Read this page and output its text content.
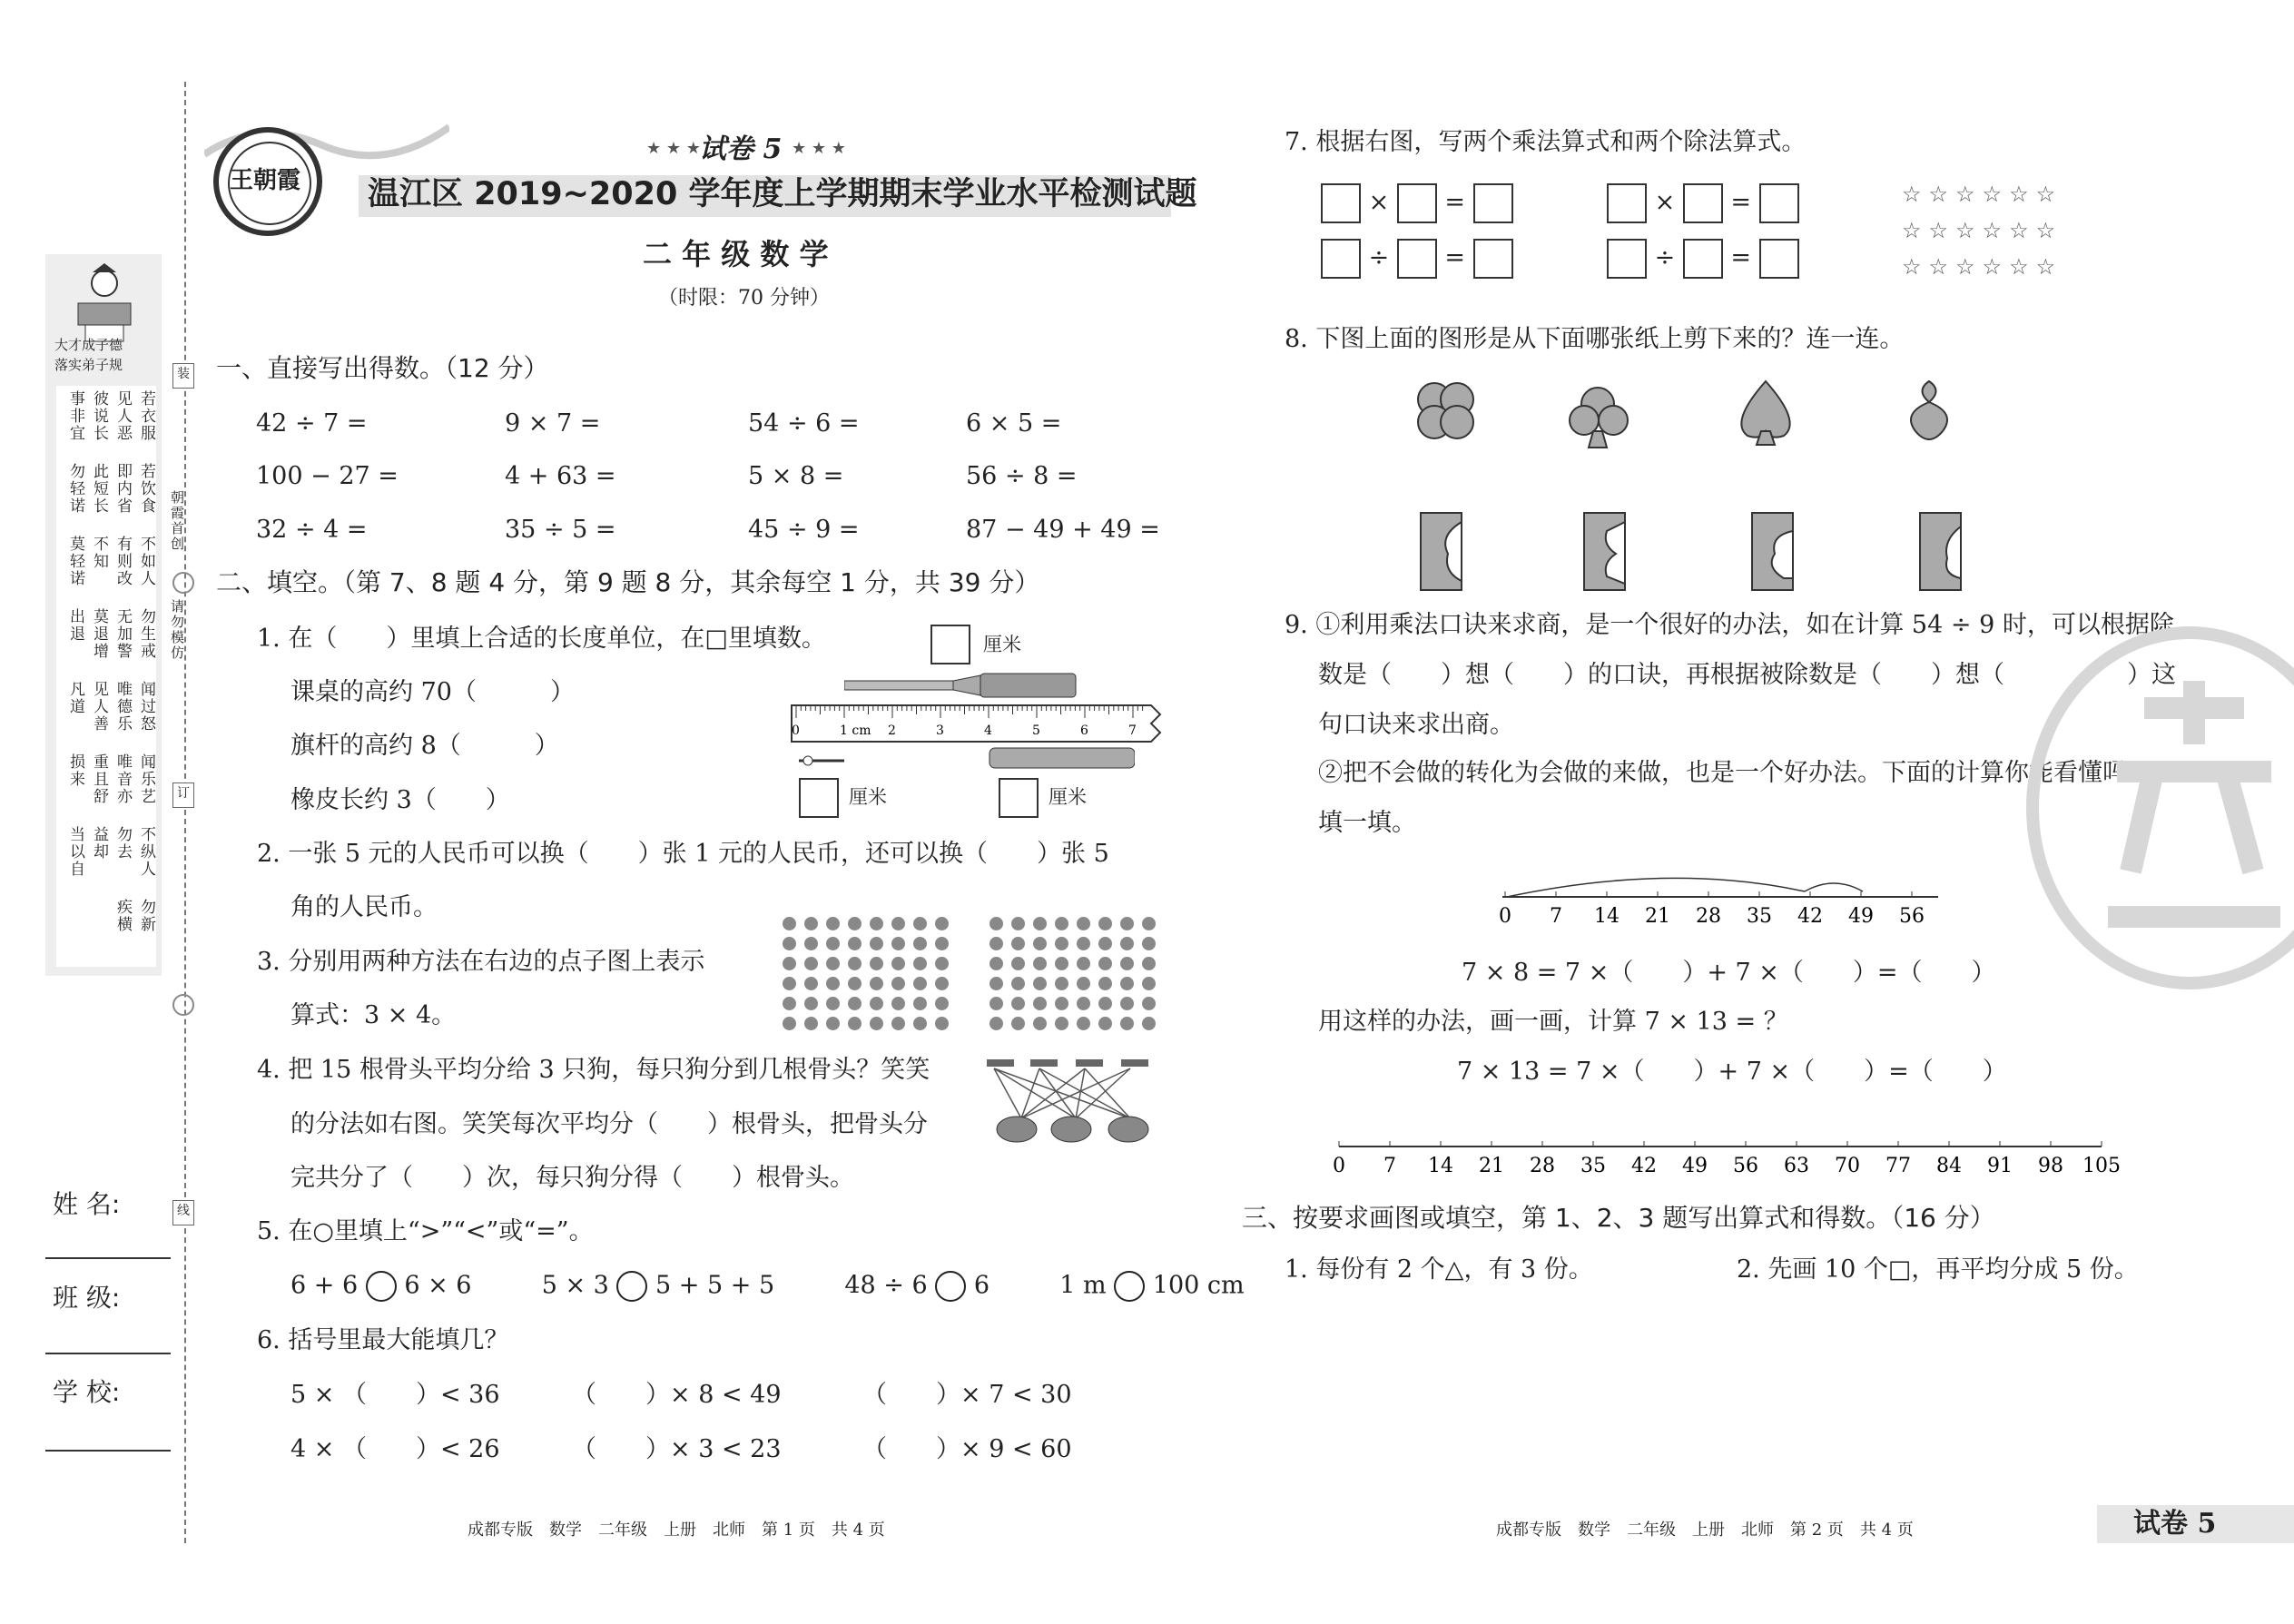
装
订
线
朝霞首创
请勿模仿
大才成子德
落实弟子规
若衣服
见人恶
彼说长
事非宜
若饮食
即内省
此短长
勿轻诺
不如人
有则改
不知
莫轻诺
勿生戒
无加警
莫退增
出退
闻过怒
唯德乐
见人善
凡道
闻乐艺
唯音亦
重且舒
损来
不纵人
勿去
益却
当以自
勿新
疾横
姓 名:
班 级:
学 校:
王朝霞
★ ★ ★
试卷 5 ★ ★ ★
温江区 2019~2020 学年度上学期期末学业水平检测试题
二 年 级 数 学
（时限：70 分钟）
一、直接写出得数。（12 分）
42 ÷ 7 =	9 × 7 =	54 ÷ 6 =	6 × 5 =
100 − 27 =	4 + 63 =	5 × 8 =	56 ÷ 8 =
32 ÷ 4 =	35 ÷ 5 =	45 ÷ 9 =	87 − 49 + 49 =
二、填空。（第 7、8 题 4 分，第 9 题 8 分，其余每空 1 分，共 39 分）
1. 在（　　）里填上合适的长度单位，在□里填数。
课桌的高约 70（　　　）
旗杆的高约 8（　　　）
橡皮长约 3（　　）
厘米
0	1 cm 2	3	4	5	6	7
厘米	厘米
2. 一张 5 元的人民币可以换（　　）张 1 元的人民币，还可以换（　　）张 5
角的人民币。
3. 分别用两种方法在右边的点子图上表示
算式：3 × 4。
4. 把 15 根骨头平均分给 3 只狗，每只狗分到几根骨头？笑笑
的分法如右图。笑笑每次平均分（　　）根骨头，把骨头分
完共分了（　　）次，每只狗分得（　　）根骨头。
5. 在○里填上“>”“<”或“=”。
6 + 6 6 × 6	5 × 3 5 + 5 + 5	48 ÷ 6 6	1 m 100 cm
6. 括号里最大能填几？
5 × （　　）< 36	（　　）× 8 < 49	（　　）× 7 < 30
4 × （　　）< 26	（　　）× 3 < 23	（　　）× 9 < 60
7. 根据右图，写两个乘法算式和两个除法算式。
×  =	×  =
÷  =	÷  =
☆☆☆☆☆☆
☆☆☆☆☆☆
☆☆☆☆☆☆
8. 下图上面的图形是从下面哪张纸上剪下来的？连一连。
9. ①利用乘法口诀来求商，是一个很好的办法，如在计算 54 ÷ 9 时，可以根据除
数是（　　）想（　　）的口诀，再根据被除数是（　　）想（　　　　　）这
句口诀来求出商。
②把不会做的转化为会做的来做，也是一个好办法。下面的计算你能看懂吗？
填一填。
0 7 14 21 28 35 42 49 56
7 × 8 = 7 ×（　　）+ 7 ×（　　）=（　　）
用这样的办法，画一画，计算 7 × 13 = ？
7 × 13 = 7 ×（　　）+ 7 ×（　　）=（　　）
0 7 14 21 28 35 42 49 56 63 70 77 84 91 98 105
三、按要求画图或填空，第 1、2、3 题写出算式和得数。（16 分）
1. 每份有 2 个△，有 3 份。	2. 先画 10 个□，再平均分成 5 份。
成都专版　数学　二年级　上册　北师　第 1 页　共 4 页	成都专版　数学　二年级　上册　北师　第 2 页　共 4 页	试卷 5
